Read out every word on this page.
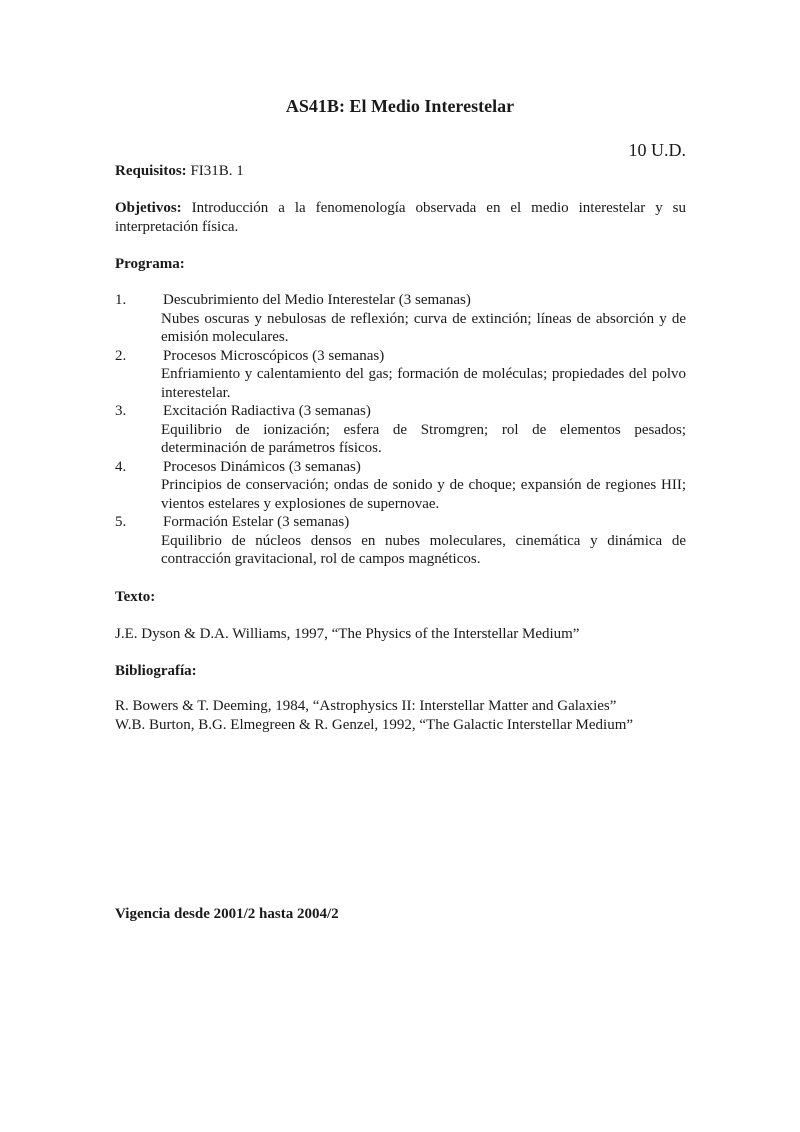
AS41B: El Medio Interestelar
10 U.D.
Requisitos: FI31B. 1
Objetivos: Introducción a la fenomenología observada en el medio interestelar y su interpretación física.
Programa:
1.	Descubrimiento del Medio Interestelar (3 semanas)
Nubes oscuras y nebulosas de reflexión; curva de extinción; líneas de absorción y de emisión moleculares.
2.	Procesos Microscópicos (3 semanas)
Enfriamiento y calentamiento del gas; formación de moléculas; propiedades del polvo interestelar.
3.	Excitación Radiactiva (3 semanas)
Equilibrio de ionización; esfera de Stromgren; rol de elementos pesados; determinación de parámetros físicos.
4.	Procesos Dinámicos (3 semanas)
Principios de conservación; ondas de sonido y de choque; expansión de regiones HII; vientos estelares y explosiones de supernovae.
5.	Formación Estelar (3 semanas)
Equilibrio de núcleos densos en nubes moleculares, cinemática y dinámica de contracción gravitacional, rol de campos magnéticos.
Texto:
J.E. Dyson & D.A. Williams, 1997, “The Physics of the Interstellar Medium”
Bibliografía:
R. Bowers & T. Deeming, 1984, “Astrophysics II: Interstellar Matter and Galaxies”
W.B. Burton, B.G. Elmegreen & R. Genzel, 1992, “The Galactic Interstellar Medium”
Vigencia desde 2001/2 hasta 2004/2
